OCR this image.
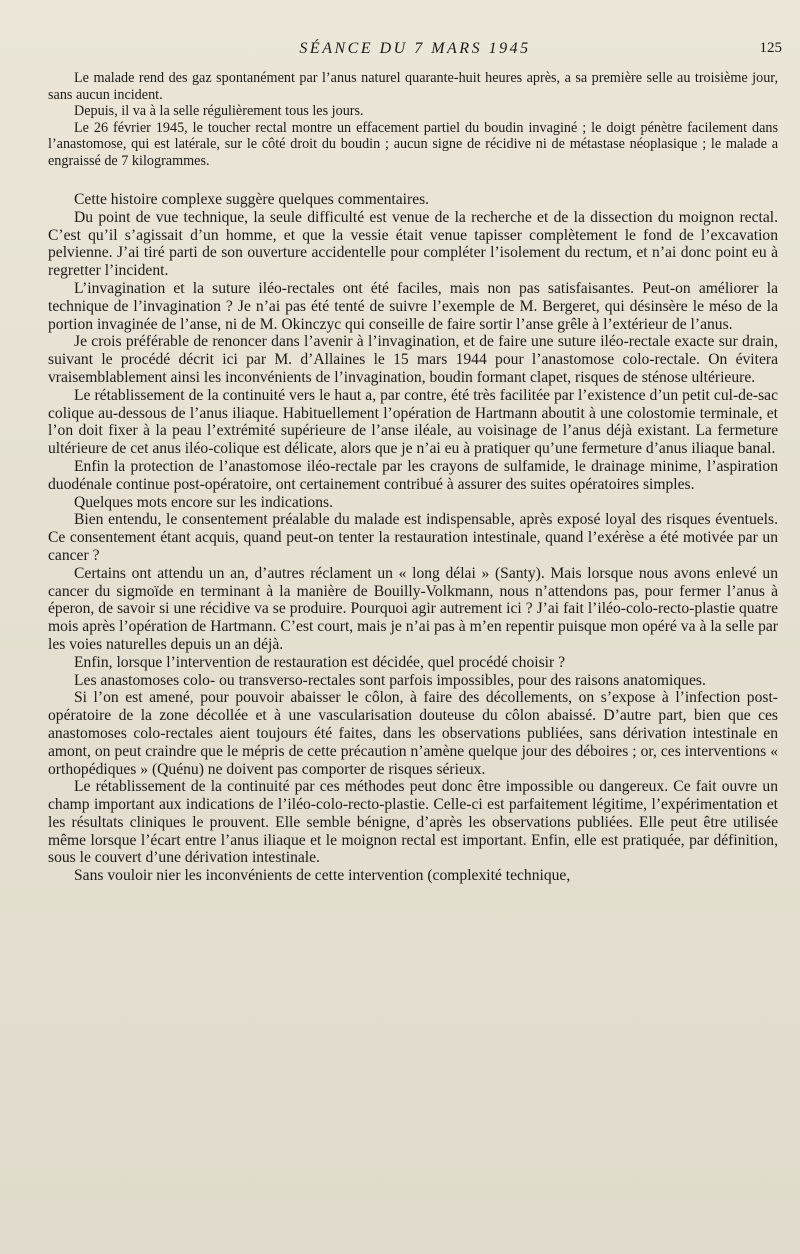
SÉANCE DU 7 MARS 1945	125

Le malade rend des gaz spontanément par l’anus naturel quarante-huit heures après, a sa première selle au troisième jour, sans aucun incident.

Depuis, il va à la selle régulièrement tous les jours.

Le 26 février 1945, le toucher rectal montre un effacement partiel du boudin invaginé ; le doigt pénètre facilement dans l’anastomose, qui est latérale, sur le côté droit du boudin ; aucun signe de récidive ni de métastase néoplasique ; le malade a engraissé de 7 kilogrammes.

Cette histoire complexe suggère quelques commentaires.

Du point de vue technique, la seule difficulté est venue de la recherche et de la dissection du moignon rectal. C’est qu’il s’agissait d’un homme, et que la vessie était venue tapisser complètement le fond de l’excavation pelvienne. J’ai tiré parti de son ouverture accidentelle pour compléter l’isolement du rectum, et n’ai donc point eu à regretter l’incident.

L’invagination et la suture iléo-rectales ont été faciles, mais non pas satisfaisantes. Peut-on améliorer la technique de l’invagination ? Je n’ai pas été tenté de suivre l’exemple de M. Bergeret, qui désinsère le méso de la portion invaginée de l’anse, ni de M. Okinczyc qui conseille de faire sortir l’anse grêle à l’extérieur de l’anus.

Je crois préférable de renoncer dans l’avenir à l’invagination, et de faire une suture iléo-rectale exacte sur drain, suivant le procédé décrit ici par M. d’Allaines le 15 mars 1944 pour l’anastomose colo-rectale. On évitera vraisemblablement ainsi les inconvénients de l’invagination, boudin formant clapet, risques de sténose ultérieure.

Le rétablissement de la continuité vers le haut a, par contre, été très facilitée par l’existence d’un petit cul-de-sac colique au-dessous de l’anus iliaque. Habituellement l’opération de Hartmann aboutit à une colostomie terminale, et l’on doit fixer à la peau l’extrémité supérieure de l’anse iléale, au voisinage de l’anus déjà existant. La fermeture ultérieure de cet anus iléo-colique est délicate, alors que je n’ai eu à pratiquer qu’une fermeture d’anus iliaque banal.

Enfin la protection de l’anastomose iléo-rectale par les crayons de sulfamide, le drainage minime, l’aspiration duodénale continue post-opératoire, ont certainement contribué à assurer des suites opératoires simples.

Quelques mots encore sur les indications.

Bien entendu, le consentement préalable du malade est indispensable, après exposé loyal des risques éventuels. Ce consentement étant acquis, quand peut-on tenter la restauration intestinale, quand l’exérèse a été motivée par un cancer ?

Certains ont attendu un an, d’autres réclament un « long délai » (Santy). Mais lorsque nous avons enlevé un cancer du sigmoïde en terminant à la manière de Bouilly-Volkmann, nous n’attendons pas, pour fermer l’anus à éperon, de savoir si une récidive va se produire. Pourquoi agir autrement ici ? J’ai fait l’iléo-colo-recto-plastie quatre mois après l’opération de Hartmann. C’est court, mais je n’ai pas à m’en repentir puisque mon opéré va à la selle par les voies naturelles depuis un an déjà.

Enfin, lorsque l’intervention de restauration est décidée, quel procédé choisir ?

Les anastomoses colo- ou transverso-rectales sont parfois impossibles, pour des raisons anatomiques.

Si l’on est amené, pour pouvoir abaisser le côlon, à faire des décollements, on s’expose à l’infection post-opératoire de la zone décollée et à une vascularisation douteuse du côlon abaissé. D’autre part, bien que ces anastomoses colo-rectales aient toujours été faites, dans les observations publiées, sans dérivation intestinale en amont, on peut craindre que le mépris de cette précaution n’amène quelque jour des déboires ; or, ces interventions « orthopédiques » (Quénu) ne doivent pas comporter de risques sérieux.

Le rétablissement de la continuité par ces méthodes peut donc être impossible ou dangereux. Ce fait ouvre un champ important aux indications de l’iléo-colo-recto-plastie. Celle-ci est parfaitement légitime, l’expérimentation et les résultats cliniques le prouvent. Elle semble bénigne, d’après les observations publiées. Elle peut être utilisée même lorsque l’écart entre l’anus iliaque et le moignon rectal est important. Enfin, elle est pratiquée, par définition, sous le couvert d’une dérivation intestinale.

Sans vouloir nier les inconvénients de cette intervention (complexité technique,
